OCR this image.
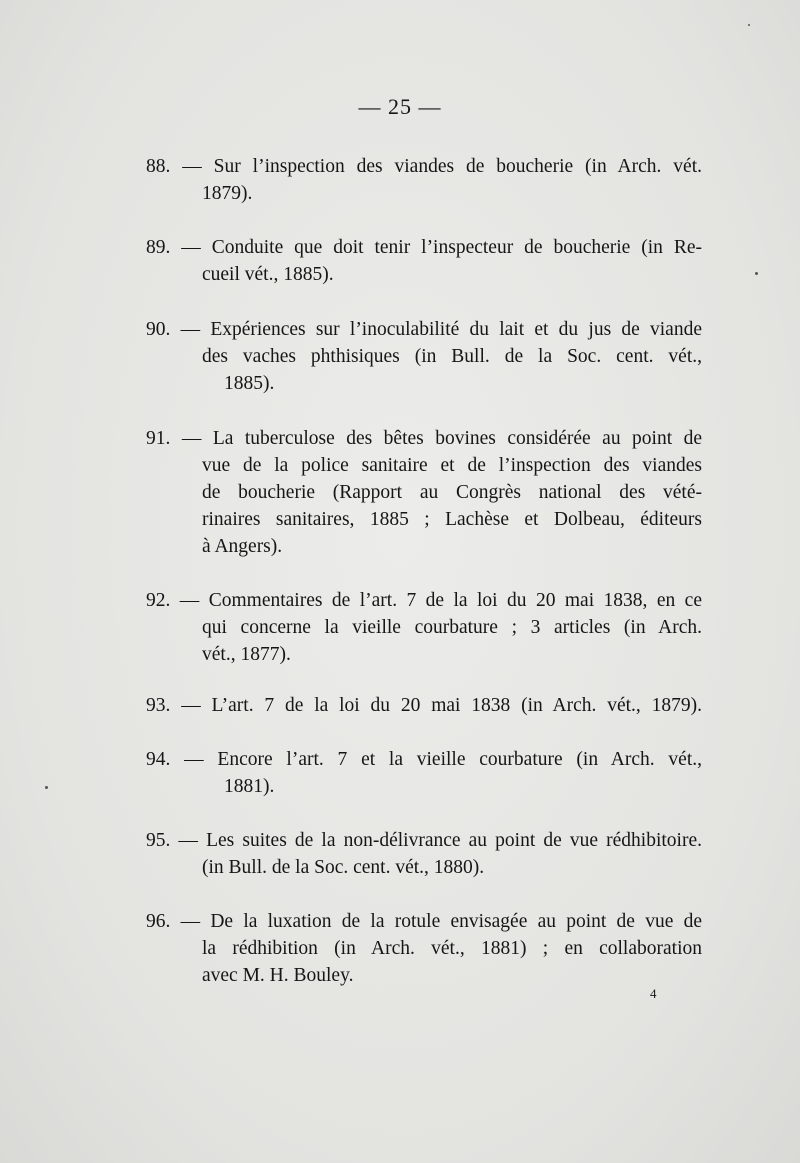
— 25 —
88. — Sur l’inspection des viandes de boucherie (in Arch. vét.
1879).
89. — Conduite que doit tenir l’inspecteur de boucherie (in Re-
cueil vét., 1885).
90. — Expériences sur l’inoculabilité du lait et du jus de viande
des vaches phthisiques (in Bull. de la Soc. cent. vét.,
1885).
91. — La tuberculose des bêtes bovines considérée au point de
vue de la police sanitaire et de l’inspection des viandes
de boucherie (Rapport au Congrès national des vété-
rinaires sanitaires, 1885 ; Lachèse et Dolbeau, éditeurs
à Angers).
92. — Commentaires de l’art. 7 de la loi du 20 mai 1838, en ce
qui concerne la vieille courbature ; 3 articles (in Arch.
vét., 1877).
93. — L’art. 7 de la loi du 20 mai 1838 (in Arch. vét., 1879).
94. — Encore l’art. 7 et la vieille courbature (in Arch. vét.,
1881).
95. — Les suites de la non-délivrance au point de vue rédhibitoire.
(in Bull. de la Soc. cent. vét., 1880).
96. — De la luxation de la rotule envisagée au point de vue de
la rédhibition (in Arch. vét., 1881) ; en collaboration
avec M. H. Bouley.
4
